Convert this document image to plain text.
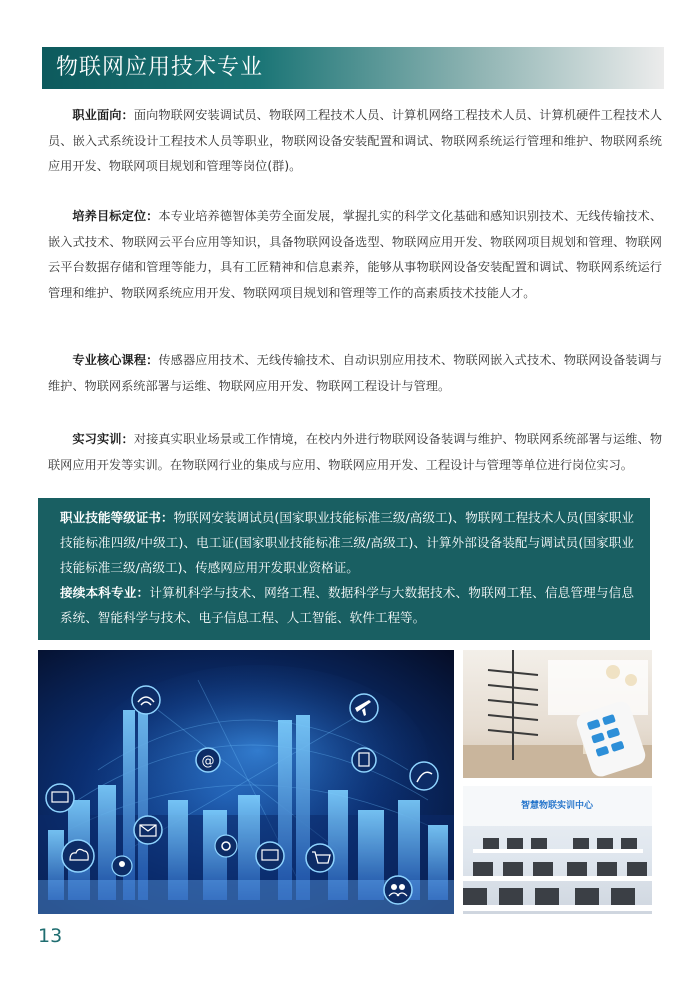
物联网应用技术专业
职业面向：面向物联网安装调试员、物联网工程技术人员、计算机网络工程技术人员、计算机硬件工程技术人员、嵌入式系统设计工程技术人员等职业，物联网设备安装配置和调试、物联网系统运行管理和维护、物联网系统应用开发、物联网项目规划和管理等岗位(群)。
培养目标定位：本专业培养德智体美劳全面发展，掌握扎实的科学文化基础和感知识别技术、无线传输技术、嵌入式技术、物联网云平台应用等知识，具备物联网设备选型、物联网应用开发、物联网项目规划和管理、物联网云平台数据存储和管理等能力，具有工匠精神和信息素养，能够从事物联网设备安装配置和调试、物联网系统运行管理和维护、物联网系统应用开发、物联网项目规划和管理等工作的高素质技术技能人才。
专业核心课程：传感器应用技术、无线传输技术、自动识别应用技术、物联网嵌入式技术、物联网设备装调与维护、物联网系统部署与运维、物联网应用开发、物联网工程设计与管理。
实习实训：对接真实职业场景或工作情境，在校内外进行物联网设备装调与维护、物联网系统部署与运维、物联网应用开发等实训。在物联网行业的集成与应用、物联网应用开发、工程设计与管理等单位进行岗位实习。

职业技能等级证书：物联网安装调试员(国家职业技能标准三级/高级工)、物联网工程技术人员(国家职业技能标准四级/中级工)、电工证(国家职业技能标准三级/高级工)、计算外部设备装配与调试员(国家职业技能标准三级/高级工)、传感网应用开发职业资格证。

接续本科专业：计算机科学与技术、网络工程、数据科学与大数据技术、物联网工程、信息管理与信息系统、智能科学与技术、电子信息工程、人工智能、软件工程等。

@
智慧物联实训中心
13
